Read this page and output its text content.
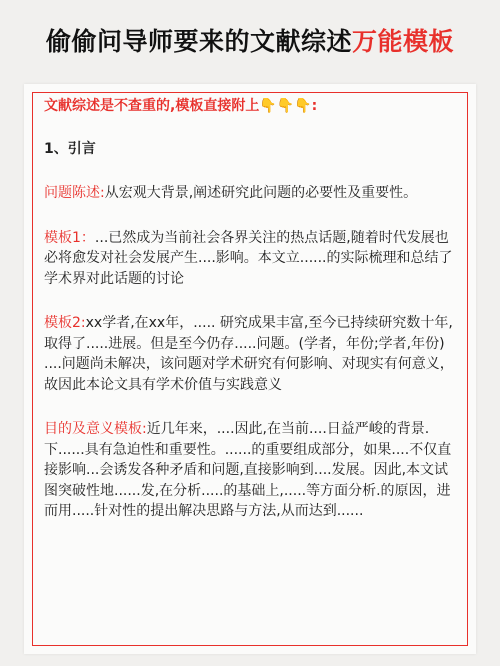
偷偷问导师要来的文献综述万能模板

文献综述是不查重的,模板直接附上👇👇👇:

1、引言

问题陈述:从宏观大背景,阐述研究此问题的必要性及重要性。

模板1：...已然成为当前社会各界关注的热点话题,随着时代发展也必将愈发对社会发展产生....影响。本文立......的实际梳理和总结了学术界对此话题的讨论

模板2:xx学者,在xx年，..... 研究成果丰富,至今已持续研究数十年,取得了.....进展。但是至今仍存.....问题。(学者，年份;学者,年份) ....问题尚未解决，该问题对学术研究有何影响、对现实有何意义，故因此本论文具有学术价值与实践意义

目的及意义模板:近几年来，....因此,在当前....日益严峻的背景.下......具有急迫性和重要性。......的重要组成部分，如果....不仅直接影响...会诱发各种矛盾和问题,直接影响到....发展。因此,本文试图突破性地......发,在分析.....的基础上,.....等方面分析.的原因，进而用.....针对性的提出解决思路与方法,从而达到......
